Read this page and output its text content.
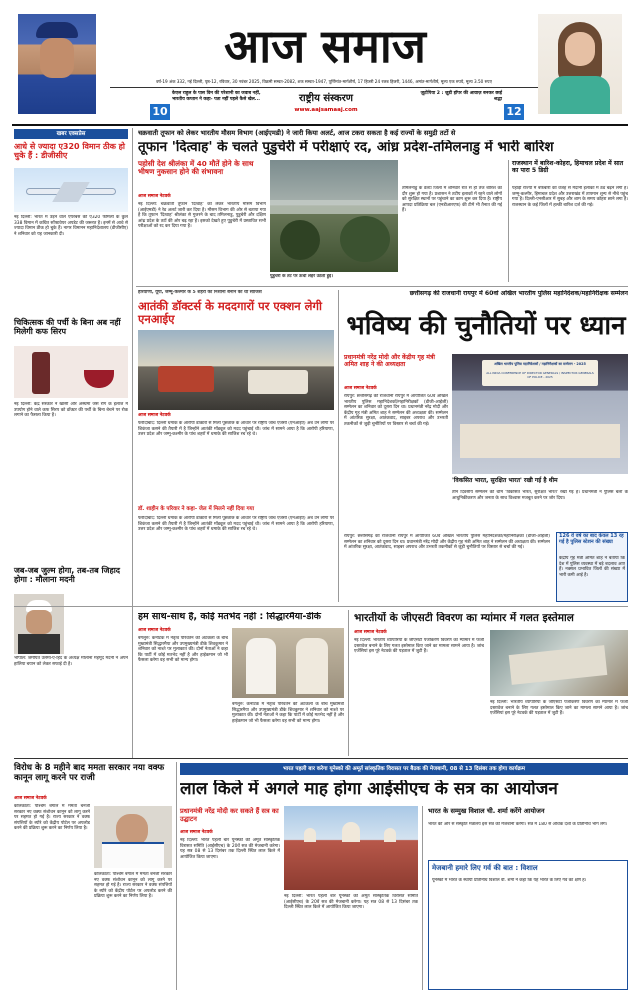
आज समाज
वर्ष-19 अंक 332, नई दिल्ली, पृष्ठ-12, रविवार, 30 नवंबर 2025, विक्रमी सम्वत-2082, शक सम्वत-1947, पूर्णिमांत-मार्गशीर्ष, 17 हिजरी 24 रजब हिजरी, 1446, अमांत-मार्गशीर्ष, मूल्य एक रुपये, मूल्य 3.50 रुपए
केएल राहुल के पास विन की परेशानी का जवाब नहीं, भारतीय कप्तान ने कहा- पता नहीं पहले कैसे खेल...
10
राष्ट्रीय संस्करण
www.aajsamaaj.com
ज़ूटोपिया 2 : ज़ूडी हॉपर की आवाज़ बनकर छाई श्रद्धा
12
खबर एक्सप्रेस
आधे से ज्यादा ए320 विमान ठीक हो चुके हैं : डीजीसीए
नई दिल्ली: भारत में उड़ने वाले एयरबस की ए320 फैमिली के कुल 338 विमान में कथित सॉफ्टवेयर अपडेट की जरूरत है। इनमें से आधे से ज्यादा विमान ठीक हो चुके हैं। नागर विमानन महानिदेशालय (डीजीसीए) ने शनिवार को यह जानकारी दी।
चिकित्सक की पर्ची के बिना अब नहीं मिलेगी कफ सिरप
नई दिल्ली: केंद्र सरकार ने खांसी और अस्थमा जैसे रोग के इलाज में उपयोग होने वाले कफ सिरप को डॉक्टर की पर्ची के बिना बेचने पर रोक लगाने का फैसला किया है।
जब-जब जुल्म होगा, तब-तब जिहाद होगा : मौलाना मदनी
भोपाल: जमीयत उलेमा-ए-हिंद के अध्यक्ष मौलाना महमूद मदनी ने अपने हालिया बयान को लेकर सफाई दी है।
चक्रवाती तूफान को लेकर भारतीय मौसम विभाग (आईएमडी) ने जारी किया अलर्ट, आज टकरा सकता है कई राज्यों के समुद्री तटों से
तूफान 'दित्वाह' के चलते पुडुचेरी में परीक्षाएं रद, आंध्र प्रदेश-तमिलनाडु में भारी बारिश
पहोसी देश श्रीलंका में 40 मौतें होने के साथ भीषण नुकसान होने की संभावना
आज समाज नेटवर्क
नई दिल्ली: चक्रवाती तूफान 'दित्वाह' को लेकर भारतीय मौसम विभाग (आईएमडी) ने रेड अलर्ट जारी कर दिया है। मौसम विभाग की ओर से बताया गया है कि तूफान 'दित्वाह' श्रीलंका से गुजरने के बाद तमिलनाडु, पुडुचेरी और दक्षिण आंध्र प्रदेश के तटों की ओर बढ़ रहा है। इसको देखते हुए पुडुचेरी में प्रस्तावित सभी परीक्षाओं को रद कर दिया गया है।
तमिलनाडु के डेल्टा जिलों में शनिवार रात से ही तेज बारिश का दौर शुरू हो गया है। प्रशासन ने तटीय इलाकों में रहने वाले लोगों को सुरक्षित स्थानों पर पहुंचाने का काम शुरू कर दिया है। राष्ट्रीय आपदा प्रतिक्रिया बल (एनडीआरएफ) की टीमें भी तैनात की गई हैं।
पुडुचेरी के तट पर ऊंची लहरें उठती हुई।
राजस्थान में बारिश-कोहरा, हिमाचल प्रदेश में सात का पारा 5 डिग्री
पहाड़ी राज्यों में बर्फबारी की वजह से मैदानी इलाकों में ठंड बढ़ने लगी है। जम्मू-कश्मीर, हिमाचल प्रदेश और उत्तराखंड में तापमान शून्य से नीचे पहुंच गया है। दिल्ली-एनसीआर में सुबह और शाम के समय कोहरा छाने लगा है। राजस्थान के कई जिलों में हल्की बारिश दर्ज की गई।
हरियाणा, यूपी, जम्मू-कश्मीर के 5 शहरों को निशाना बनाने की थी साजिश
आतंकी डॉक्टर्स के मददगारों पर एक्शन लेगी एनआईए
आज समाज नेटवर्क
फरीदाबाद: दिल्ली धमाके के आरोपी डॉक्टरों से मिली पूछताछ के आधार पर राष्ट्रीय जांच एजेंसी (एनआईए) अब उन लोगों पर शिकंजा कसने की तैयारी में है जिन्होंने आतंकी मॉड्यूल को मदद पहुंचाई थी। जांच में सामने आया है कि आरोपी हरियाणा, उत्तर प्रदेश और जम्मू-कश्मीर के पांच शहरों में धमाके की साजिश रच रहे थे।
डॉ. शाहीन के परिवार ने कहा- जेल में मिलने नहीं दिया गया
फरीदाबाद: दिल्ली धमाके के आरोपी डॉक्टरों से मिली पूछताछ के आधार पर राष्ट्रीय जांच एजेंसी (एनआईए) अब उन लोगों पर शिकंजा कसने की तैयारी में है जिन्होंने आतंकी मॉड्यूल को मदद पहुंचाई थी। जांच में सामने आया है कि आरोपी हरियाणा, उत्तर प्रदेश और जम्मू-कश्मीर के पांच शहरों में धमाके की साजिश रच रहे थे।
छत्तीसगढ़ की राजधानी रायपुर में 60वां अखिल भारतीय पुलिस महानिदेशक/महानिरीक्षक सम्मेलन
भविष्य की चुनौतियों पर ध्यान
प्रधानमंत्री नरेंद्र मोदी और केंद्रीय गृह मंत्री अमित शाह ने की अध्यक्षता
आज समाज नेटवर्क
रायपुर: छत्तीसगढ़ की राजधानी रायपुर में आयोजित 60वें अखिल भारतीय पुलिस महानिदेशकों/महानिरीक्षकों (डीजी-आईजी) सम्मेलन का शनिवार को दूसरा दिन था। प्रधानमंत्री नरेंद्र मोदी और केंद्रीय गृह मंत्री अमित शाह ने सम्मेलन की अध्यक्षता की। सम्मेलन में आंतरिक सुरक्षा, आतंकवाद, साइबर अपराध और उभरती तकनीकों से जुड़ी चुनौतियों पर विस्तार से चर्चा की गई।
अखिल भारतीय पुलिस महानिदेशकों / महानिरीक्षकों का सम्मेलन - 2025
ALL INDIA CONFERENCE OF DIRECTOR GENERALS / INSPECTOR GENERALS OF POLICE - 2025
'विकसित भारत, सुरक्षित भारत' रखी गई है थीम
तीन दिवसीय सम्मेलन की थीम 'विकसित भारत, सुरक्षित भारत' रखी गई है। प्रधानमंत्री ने पुलिस बलों के आधुनिकीकरण और जनता के साथ विश्वास मजबूत करने पर जोर दिया।
126 वें वर्ष का बाद केवल 13 रह गई है पुलिस स्टेशन की संख्या
केंद्रीय गृह मंत्री अमित शाह ने बताया कि देश में पुलिस व्यवस्था में बड़े बदलाव आए हैं। नक्सल प्रभावित जिलों की संख्या में भारी कमी आई है।
रायपुर: छत्तीसगढ़ की राजधानी रायपुर में आयोजित 60वें अखिल भारतीय पुलिस महानिदेशकों/महानिरीक्षकों (डीजी-आईजी) सम्मेलन का शनिवार को दूसरा दिन था। प्रधानमंत्री नरेंद्र मोदी और केंद्रीय गृह मंत्री अमित शाह ने सम्मेलन की अध्यक्षता की। सम्मेलन में आंतरिक सुरक्षा, आतंकवाद, साइबर अपराध और उभरती तकनीकों से जुड़ी चुनौतियों पर विस्तार से चर्चा की गई।
हम साथ-साथ हैं, कोई मतभेद नहीं : सिद्धारमैया-डीके
आज समाज नेटवर्क
बेंगलुरु: कर्नाटक में नेतृत्व परिवर्तन की अटकलों के बीच मुख्यमंत्री सिद्धारमैया और उपमुख्यमंत्री डीके शिवकुमार ने शनिवार को नाश्ते पर मुलाकात की। दोनों नेताओं ने कहा कि पार्टी में कोई मतभेद नहीं है और हाईकमान जो भी फैसला करेगा वह सभी को मान्य होगा।
बेंगलुरु: कर्नाटक में नेतृत्व परिवर्तन की अटकलों के बीच मुख्यमंत्री सिद्धारमैया और उपमुख्यमंत्री डीके शिवकुमार ने शनिवार को नाश्ते पर मुलाकात की। दोनों नेताओं ने कहा कि पार्टी में कोई मतभेद नहीं है और हाईकमान जो भी फैसला करेगा वह सभी को मान्य होगा।
भारतीयों के जीएसटी विवरण का म्यांमार में गलत इस्तेमाल
आज समाज नेटवर्क
नई दिल्ली: भारतीय व्यापारियों के जीएसटी पंजीकरण विवरण का म्यांमार में फर्जी दस्तावेज बनाने के लिए गलत इस्तेमाल किए जाने का मामला सामने आया है। जांच एजेंसियां इस पूरे नेटवर्क की पड़ताल में जुटी हैं।
नई दिल्ली: भारतीय व्यापारियों के जीएसटी पंजीकरण विवरण का म्यांमार में फर्जी दस्तावेज बनाने के लिए गलत इस्तेमाल किए जाने का मामला सामने आया है। जांच एजेंसियां इस पूरे नेटवर्क की पड़ताल में जुटी हैं।
विरोध के 8 महीने बाद ममता सरकार नया वक्फ कानून लागू करने पर राजी
आज समाज नेटवर्क
कोलकाता: पश्चिम बंगाल में ममता बनर्जी सरकार नए वक्फ संशोधन कानून को लागू करने पर सहमत हो गई है। राज्य सरकार ने वक्फ संपत्तियों के ब्योरे को केंद्रीय पोर्टल पर अपलोड करने की प्रक्रिया शुरू करने का निर्णय लिया है।
कोलकाता: पश्चिम बंगाल में ममता बनर्जी सरकार नए वक्फ संशोधन कानून को लागू करने पर सहमत हो गई है। राज्य सरकार ने वक्फ संपत्तियों के ब्योरे को केंद्रीय पोर्टल पर अपलोड करने की प्रक्रिया शुरू करने का निर्णय लिया है।
भारत पहली बार करेगा यूनेस्को की अमूर्त सांस्कृतिक विरासत पर बैठक की मेजबानी, 08 से 13 दिसंबर तक होगा कार्यक्रम
लाल किले में अगले माह होगा आईसीएच के सत्र का आयोजन
प्रधानमंत्री नरेंद्र मोदी कर सकते हैं सत्र का उद्घाटन
आज समाज नेटवर्क
नई दिल्ली: भारत पहली बार यूनेस्को की अमूर्त सांस्कृतिक विरासत समिति (आईसीएच) के 20वें सत्र की मेजबानी करेगा। यह सत्र 08 से 13 दिसंबर तक दिल्ली स्थित लाल किले में आयोजित किया जाएगा।
नई दिल्ली: भारत पहली बार यूनेस्को की अमूर्त सांस्कृतिक विरासत समिति (आईसीएच) के 20वें सत्र की मेजबानी करेगा। यह सत्र 08 से 13 दिसंबर तक दिल्ली स्थित लाल किले में आयोजित किया जाएगा।
भारत के सम्मुख विशाल ची. शर्मा करेंगे आयोजन
भारत की ओर से संस्कृति मंत्रालय इस सत्र की मेजबानी करेगा। सत्र में 180 से अधिक देशों के प्रतिनिधि भाग लेंगे।
मेजबानी हमारे लिए गर्व की बात : विशाल
यूनेस्को में भारत के स्थायी प्रतिनिधि विशाल वी. शर्मा ने कहा कि यह भारत के लिए गर्व का क्षण है।
